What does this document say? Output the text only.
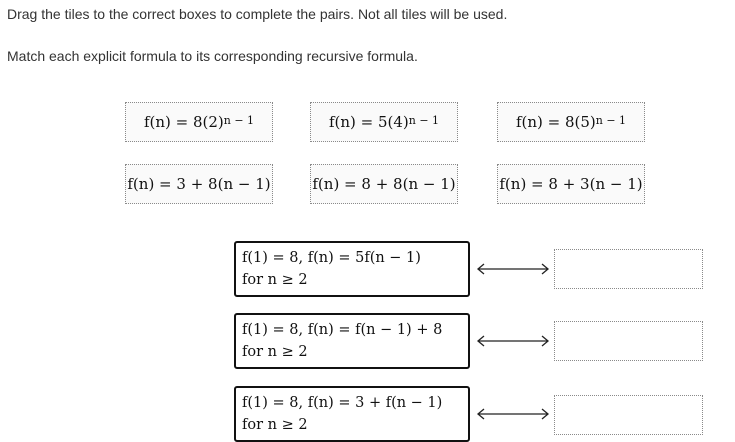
Drag the tiles to the correct boxes to complete the pairs. Not all tiles will be used.
Match each explicit formula to its corresponding recursive formula.
$f(n) = 8(2)^{n - 1}$	$f(n) = 5(4)^{n - 1}$	$f(n) = 8(5)^{n - 1}$
f(n) = 3 + 8(n − 1)	f(n) = 8 + 8(n − 1)	f(n) = 8 + 3(n − 1)
f(1) = 8, f(n) = 5f(n − 1)
for n ≥ 2
f(1) = 8, f(n) = f(n − 1) + 8
for n ≥ 2
f(1) = 8, f(n) = 3 + f(n − 1)
for n ≥ 2
